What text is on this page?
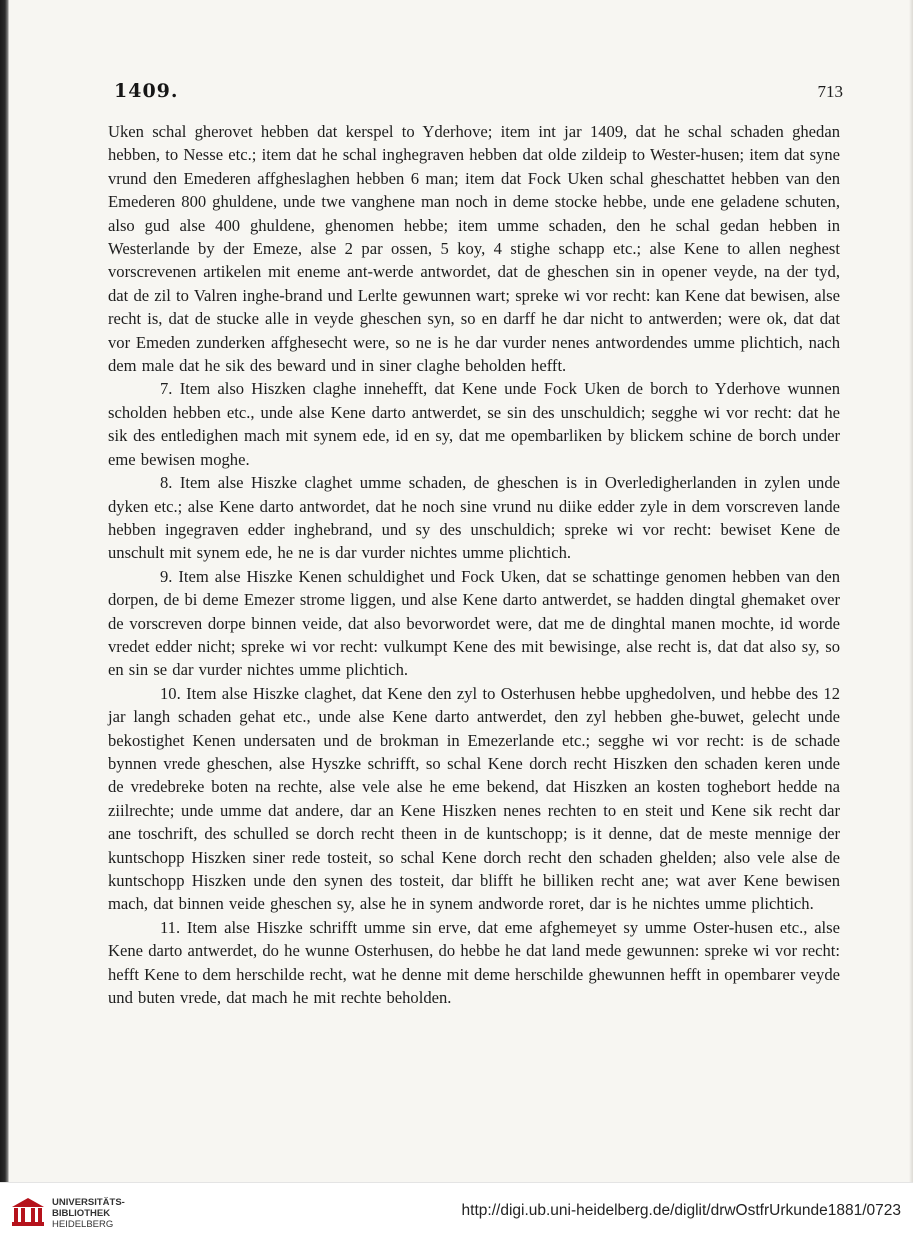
1409.	713

Uken schal gherovet hebben dat kerspel to Yderhove; item int jar 1409, dat he schal schaden ghedan hebben, to Nesse etc.; item dat he schal inghegraven hebben dat olde zildeip to Wester-husen; item dat syne vrund den Emederen affgheslaghen hebben 6 man; item dat Fock Uken schal gheschattet hebben van den Emederen 800 ghuldene, unde twe vanghene man noch in deme stocke hebbe, unde ene geladene schuten, also gud alse 400 ghuldene, ghenomen hebbe; item umme schaden, den he schal gedan hebben in Westerlande by der Emeze, alse 2 par ossen, 5 koy, 4 stighe schapp etc.; alse Kene to allen neghest vorscrevenen artikelen mit eneme ant-werde antwordet, dat de gheschen sin in opener veyde, na der tyd, dat de zil to Valren inghe-brand und Lerlte gewunnen wart; spreke wi vor recht: kan Kene dat bewisen, alse recht is, dat de stucke alle in veyde gheschen syn, so en darff he dar nicht to antwerden; were ok, dat dat vor Emeden zunderken affghesecht were, so ne is he dar vurder nenes antwordendes umme plichtich, nach dem male dat he sik des beward und in siner claghe beholden hefft.

7. Item also Hiszken claghe innehefft, dat Kene unde Fock Uken de borch to Yderhove wunnen scholden hebben etc., unde alse Kene darto antwerdet, se sin des unschuldich; segghe wi vor recht: dat he sik des entledighen mach mit synem ede, id en sy, dat me opembarliken by blickem schine de borch under eme bewisen moghe.

8. Item alse Hiszke claghet umme schaden, de gheschen is in Overledigherlanden in zylen unde dyken etc.; alse Kene darto antwordet, dat he noch sine vrund nu diike edder zyle in dem vorscreven lande hebben ingegraven edder inghebrand, und sy des unschuldich; spreke wi vor recht: bewiset Kene de unschult mit synem ede, he ne is dar vurder nichtes umme plichtich.

9. Item alse Hiszke Kenen schuldighet und Fock Uken, dat se schattinge genomen hebben van den dorpen, de bi deme Emezer strome liggen, und alse Kene darto antwerdet, se hadden dingtal ghemaket over de vorscreven dorpe binnen veide, dat also bevorwordet were, dat me de dinghtal manen mochte, id worde vredet edder nicht; spreke wi vor recht: vulkumpt Kene des mit bewisinge, alse recht is, dat dat also sy, so en sin se dar vurder nichtes umme plichtich.

10. Item alse Hiszke claghet, dat Kene den zyl to Osterhusen hebbe upghedolven, und hebbe des 12 jar langh schaden gehat etc., unde alse Kene darto antwerdet, den zyl hebben ghe-buwet, gelecht unde bekostighet Kenen undersaten und de brokman in Emezerlande etc.; segghe wi vor recht: is de schade bynnen vrede gheschen, alse Hyszke schrifft, so schal Kene dorch recht Hiszken den schaden keren unde de vredebreke boten na rechte, alse vele alse he eme bekend, dat Hiszken an kosten toghebort hedde na ziilrechte; unde umme dat andere, dar an Kene Hiszken nenes rechten to en steit und Kene sik recht dar ane toschrift, des schulled se dorch recht theen in de kuntschopp; is it denne, dat de meste mennige der kuntschopp Hiszken siner rede tosteit, so schal Kene dorch recht den schaden ghelden; also vele alse de kuntschopp Hiszken unde den synen des tosteit, dar blifft he billiken recht ane; wat aver Kene bewisen mach, dat binnen veide gheschen sy, alse he in synem andworde roret, dar is he nichtes umme plichtich.

11. Item alse Hiszke schrifft umme sin erve, dat eme afghemeyet sy umme Oster-husen etc., alse Kene darto antwerdet, do he wunne Osterhusen, do hebbe he dat land mede gewunnen: spreke wi vor recht: hefft Kene to dem herschilde recht, wat he denne mit deme herschilde ghewunnen hefft in opembarer veyde und buten vrede, dat mach he mit rechte beholden.

UNIVERSITÄTS-
BIBLIOTHEK
HEIDELBERG
http://digi.ub.uni-heidelberg.de/diglit/drwOstfrUrkunde1881/0723
